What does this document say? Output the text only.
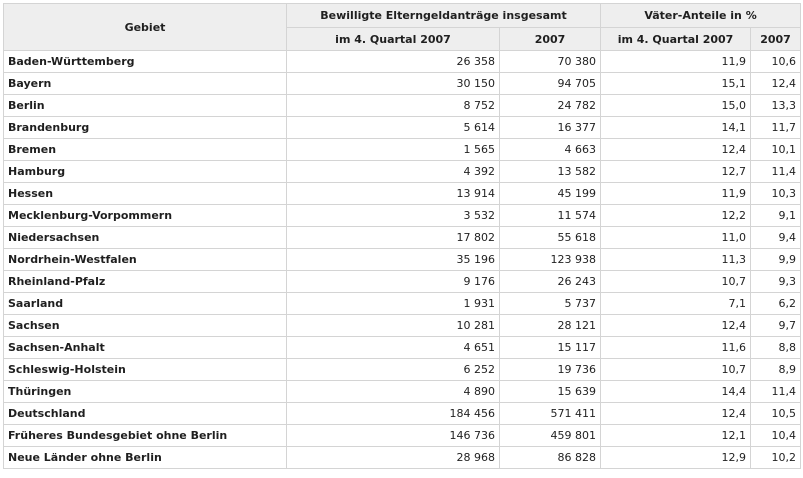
Gebiet	Bewilligte Elterngeldanträge insgesamt		Väter-Anteile in %	
	im 4. Quartal 2007	2007	im 4. Quartal 2007	2007
Baden-Württemberg	26 358	70 380	11,9	10,6
Bayern	30 150	94 705	15,1	12,4
Berlin	8 752	24 782	15,0	13,3
Brandenburg	5 614	16 377	14,1	11,7
Bremen	1 565	4 663	12,4	10,1
Hamburg	4 392	13 582	12,7	11,4
Hessen	13 914	45 199	11,9	10,3
Mecklenburg-Vorpommern	3 532	11 574	12,2	9,1
Niedersachsen	17 802	55 618	11,0	9,4
Nordrhein-Westfalen	35 196	123 938	11,3	9,9
Rheinland-Pfalz	9 176	26 243	10,7	9,3
Saarland	1 931	5 737	7,1	6,2
Sachsen	10 281	28 121	12,4	9,7
Sachsen-Anhalt	4 651	15 117	11,6	8,8
Schleswig-Holstein	6 252	19 736	10,7	8,9
Thüringen	4 890	15 639	14,4	11,4
Deutschland	184 456	571 411	12,4	10,5
Früheres Bundesgebiet ohne Berlin	146 736	459 801	12,1	10,4
Neue Länder ohne Berlin	28 968	86 828	12,9	10,2
